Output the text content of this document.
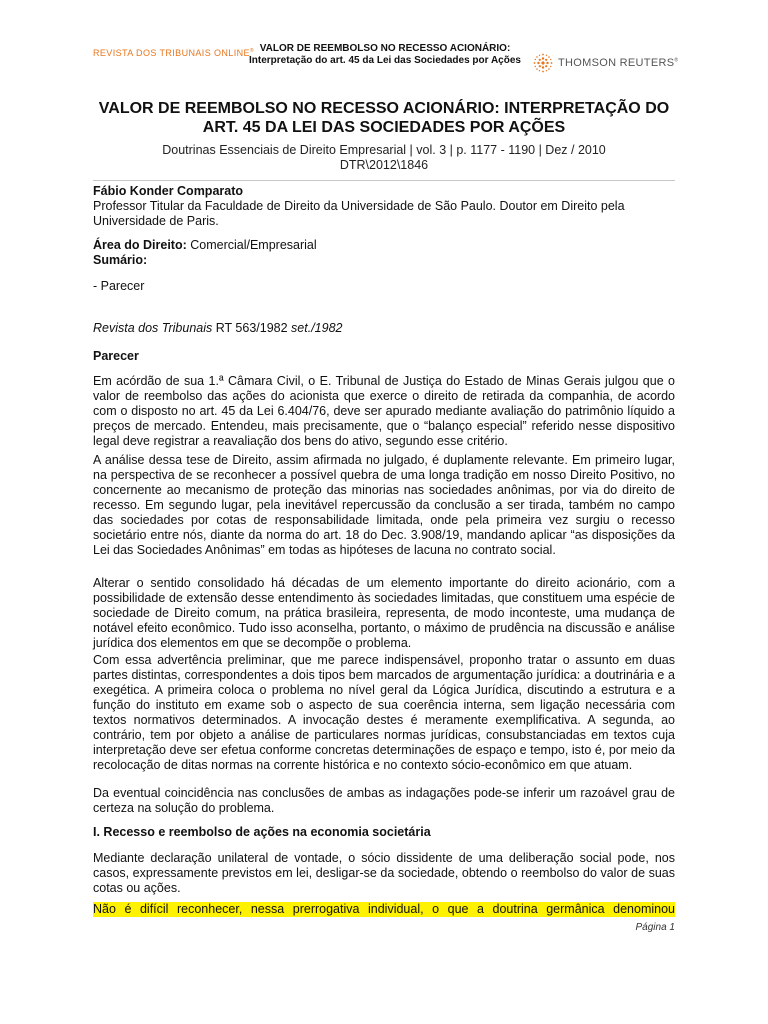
REVISTA DOS TRIBUNAIS ONLINE® VALOR DE REEMBOLSO NO RECESSO ACIONÁRIO:
Interpretação do art. 45 da Lei das Sociedades por Ações	THOMSON REUTERS®
VALOR DE REEMBOLSO NO RECESSO ACIONÁRIO: INTERPRETAÇÃO DO
ART. 45 DA LEI DAS SOCIEDADES POR AÇÕES
Doutrinas Essenciais de Direito Empresarial | vol. 3 | p. 1177 - 1190 | Dez / 2010
DTR\2012\1846
Fábio Konder Comparato
Professor Titular da Faculdade de Direito da Universidade de São Paulo. Doutor em Direito pela
Universidade de Paris.
Área do Direito: Comercial/Empresarial
Sumário:
- Parecer
Revista dos Tribunais RT 563/1982 set./1982
Parecer
Em acórdão de sua 1.ª Câmara Civil, o E. Tribunal de Justiça do Estado de Minas Gerais julgou que o valor de reembolso das ações do acionista que exerce o direito de retirada da companhia, de acordo com o disposto no art. 45 da Lei 6.404/76, deve ser apurado mediante avaliação do patrimônio líquido a preços de mercado. Entendeu, mais precisamente, que o “balanço especial” referido nesse dispositivo legal deve registrar a reavaliação dos bens do ativo, segundo esse critério.
A análise dessa tese de Direito, assim afirmada no julgado, é duplamente relevante. Em primeiro lugar, na perspectiva de se reconhecer a possível quebra de uma longa tradição em nosso Direito Positivo, no concernente ao mecanismo de proteção das minorias nas sociedades anônimas, por via do direito de recesso. Em segundo lugar, pela inevitável repercussão da conclusão a ser tirada, também no campo das sociedades por cotas de responsabilidade limitada, onde pela primeira vez surgiu o recesso societário entre nós, diante da norma do art. 18 do Dec. 3.908/19, mandando aplicar “as disposições da Lei das Sociedades Anônimas” em todas as hipóteses de lacuna no contrato social.
Alterar o sentido consolidado há décadas de um elemento importante do direito acionário, com a possibilidade de extensão desse entendimento às sociedades limitadas, que constituem uma espécie de sociedade de Direito comum, na prática brasileira, representa, de modo inconteste, uma mudança de notável efeito econômico. Tudo isso aconselha, portanto, o máximo de prudência na discussão e análise jurídica dos elementos em que se decompõe o problema.
Com essa advertência preliminar, que me parece indispensável, proponho tratar o assunto em duas partes distintas, correspondentes a dois tipos bem marcados de argumentação jurídica: a doutrinária e a exegética. A primeira coloca o problema no nível geral da Lógica Jurídica, discutindo a estrutura e a função do instituto em exame sob o aspecto de sua coerência interna, sem ligação necessária com textos normativos determinados. A invocação destes é meramente exemplificativa. A segunda, ao contrário, tem por objeto a análise de particulares normas jurídicas, consubstanciadas em textos cuja interpretação deve ser efetua conforme concretas determinações de espaço e tempo, isto é, por meio da recolocação de ditas normas na corrente histórica e no contexto sócio-econômico em que atuam.
Da eventual coincidência nas conclusões de ambas as indagações pode-se inferir um razoável grau de certeza na solução do problema.
I. Recesso e reembolso de ações na economia societária
Mediante declaração unilateral de vontade, o sócio dissidente de uma deliberação social pode, nos casos, expressamente previstos em lei, desligar-se da sociedade, obtendo o reembolso do valor de suas cotas ou ações.
Não é difícil reconhecer, nessa prerrogativa individual, o que a doutrina germânica denominou
Página 1
